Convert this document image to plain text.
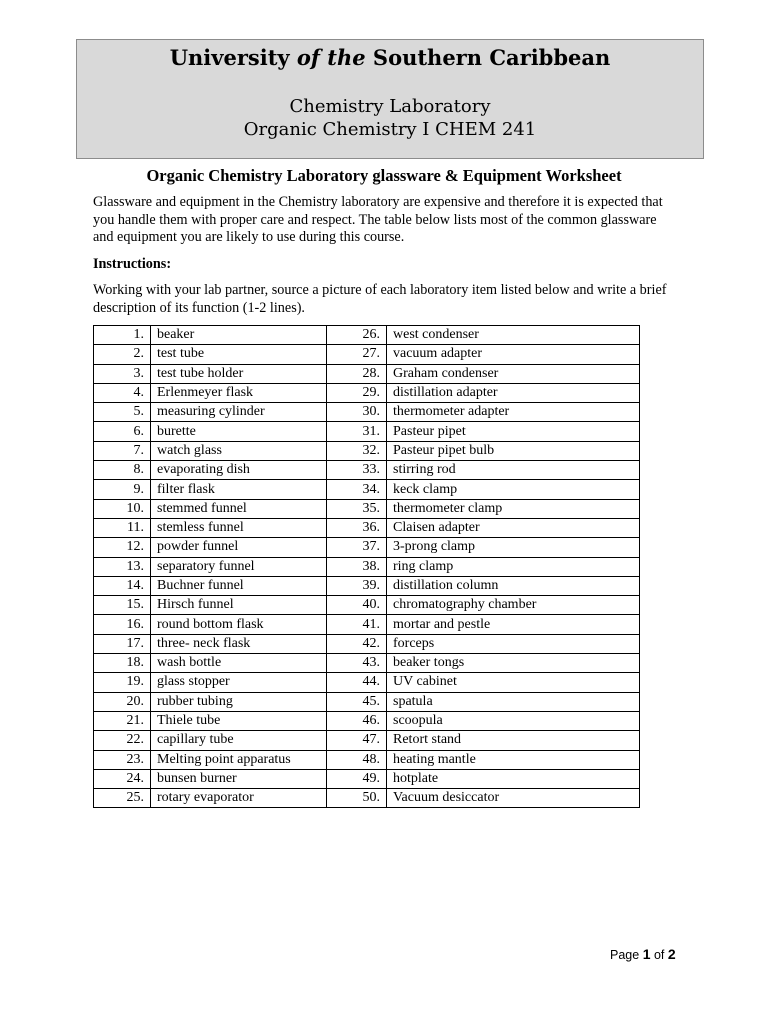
University of the Southern Caribbean
Chemistry Laboratory
Organic Chemistry I CHEM 241
Organic Chemistry Laboratory glassware & Equipment Worksheet
Glassware and equipment in the Chemistry laboratory are expensive and therefore it is expected that you handle them with proper care and respect. The table below lists most of the common glassware and equipment you are likely to use during this course.
Instructions:
Working with your lab partner, source a picture of each laboratory item listed below and write a brief description of its function (1-2 lines).
1.	beaker	26.	west condenser
2.	test tube	27.	vacuum adapter
3.	test tube holder	28.	Graham condenser
4.	Erlenmeyer flask	29.	distillation adapter
5.	measuring cylinder	30.	thermometer adapter
6.	burette	31.	Pasteur pipet
7.	watch glass	32.	Pasteur pipet bulb
8.	evaporating dish	33.	stirring rod
9.	filter flask	34.	keck clamp
10.	stemmed funnel	35.	thermometer clamp
11.	stemless funnel	36.	Claisen adapter
12.	powder funnel	37.	3-prong clamp
13.	separatory funnel	38.	ring clamp
14.	Buchner funnel	39.	distillation column
15.	Hirsch funnel	40.	chromatography chamber
16.	round bottom flask	41.	mortar and pestle
17.	three- neck flask	42.	forceps
18.	wash bottle	43.	beaker tongs
19.	glass stopper	44.	UV cabinet
20.	rubber tubing	45.	spatula
21.	Thiele tube	46.	scoopula
22.	capillary tube	47.	Retort stand
23.	Melting point apparatus	48.	heating mantle
24.	bunsen burner	49.	hotplate
25.	rotary evaporator	50.	Vacuum desiccator
Page 1 of 2
